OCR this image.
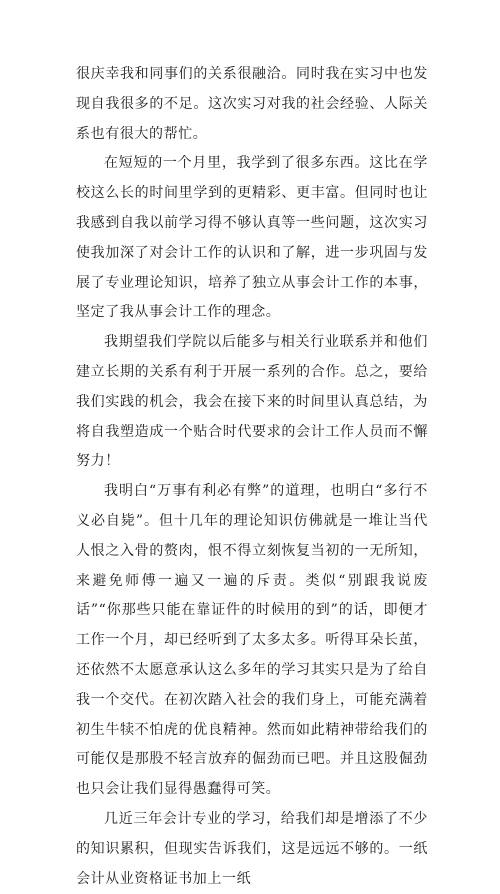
很庆幸我和同事们的关系很融洽。同时我在实习中也发现自我很多的不足。这次实习对我的社会经验、人际关系也有很大的帮忙。

在短短的一个月里，我学到了很多东西。这比在学校这么长的时间里学到的更精彩、更丰富。但同时也让我感到自我以前学习得不够认真等一些问题，这次实习使我加深了对会计工作的认识和了解，进一步巩固与发展了专业理论知识，培养了独立从事会计工作的本事，坚定了我从事会计工作的理念。

我期望我们学院以后能多与相关行业联系并和他们建立长期的关系有利于开展一系列的合作。总之，要给我们实践的机会，我会在接下来的时间里认真总结，为将自我塑造成一个贴合时代要求的会计工作人员而不懈努力！

我明白“万事有利必有弊”的道理，也明白“多行不义必自毙”。但十几年的理论知识仿佛就是一堆让当代人恨之入骨的赘肉，恨不得立刻恢复当初的一无所知，来避免师傅一遍又一遍的斥责。类似“别跟我说废话”“你那些只能在靠证件的时候用的到”的话，即便才工作一个月，却已经听到了太多太多。听得耳朵长茧，还依然不太愿意承认这么多年的学习其实只是为了给自我一个交代。在初次踏入社会的我们身上，可能充满着初生牛犊不怕虎的优良精神。然而如此精神带给我们的可能仅是那股不轻言放弃的倔劲而已吧。并且这股倔劲也只会让我们显得愚蠢得可笑。

几近三年会计专业的学习，给我们却是增添了不少的知识累积，但现实告诉我们，这是远远不够的。一纸会计从业资格证书加上一纸
